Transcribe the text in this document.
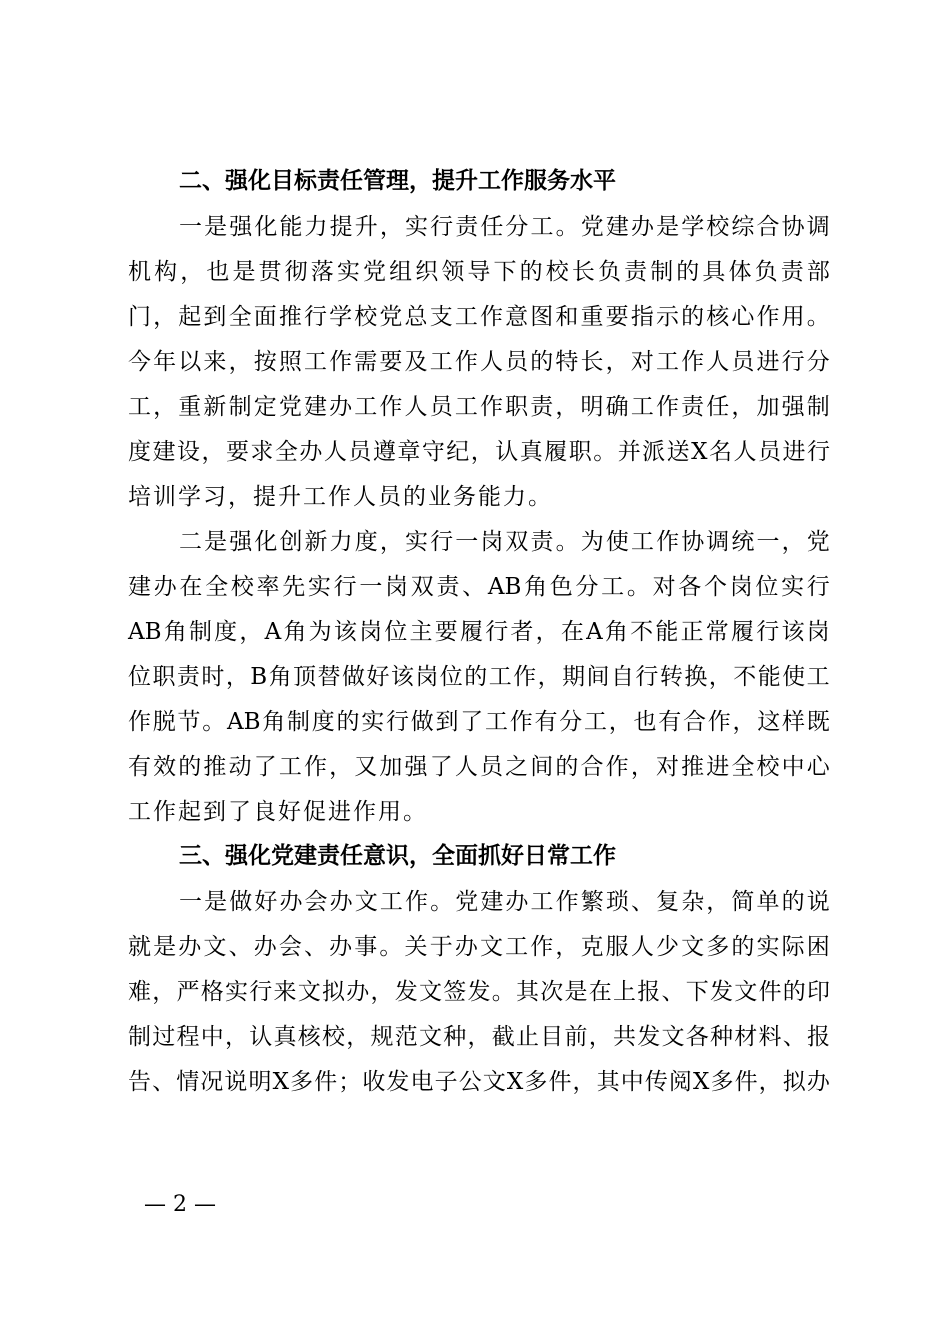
二、强化目标责任管理，提升工作服务水平
一 是 强 化 能 力 提 升 ， 实 行 责 任 分 工 。 党 建 办 是 学 校 综 合 协 调
机 构 ， 也 是 贯 彻 落 实 党 组 织 领 导 下 的 校 长 负 责 制 的 具 体 负 责 部
门 ， 起 到 全 面 推 行 学 校 党 总 支 工 作 意 图 和 重 要 指 示 的 核 心 作 用 。
今 年 以 来 ， 按 照 工 作 需 要 及 工 作 人 员 的 特 长 ， 对 工 作 人 员 进 行 分
工 ， 重 新 制 定 党 建 办 工 作 人 员 工 作 职 责 ， 明 确 工 作 责 任 ， 加 强 制
度 建 设 ， 要 求 全 办 人 员 遵 章 守 纪 ， 认 真 履 职 。 并 派 送 X 名 人 员 进 行
培 训 学 习 ， 提 升 工 作 人 员 的 业 务 能 力 。
二 是 强 化 创 新 力 度 ， 实 行 一 岗 双 责 。 为 使 工 作 协 调 统 一 ， 党
建 办 在 全 校 率 先 实 行 一 岗 双 责 、 AB 角 色 分 工 。 对 各 个 岗 位 实 行
AB 角 制 度 ， A 角 为 该 岗 位 主 要 履 行 者 ， 在 A 角 不 能 正 常 履 行 该 岗
位 职 责 时 ， B 角 顶 替 做 好 该 岗 位 的 工 作 ， 期 间 自 行 转 换 ， 不 能 使 工
作 脱 节 。 AB 角 制 度 的 实 行 做 到 了 工 作 有 分 工 ， 也 有 合 作 ， 这 样 既
有 效 的 推 动 了 工 作 ， 又 加 强 了 人 员 之 间 的 合 作 ， 对 推 进 全 校 中 心
工 作 起 到 了 良 好 促 进 作 用 。
三、强化党建责任意识，全面抓好日常工作
一 是 做 好 办 会 办 文 工 作 。 党 建 办 工 作 繁 琐 、 复 杂 ， 简 单 的 说
就 是 办 文 、 办 会 、 办 事 。 关 于 办 文 工 作 ， 克 服 人 少 文 多 的 实 际 困
难 ， 严 格 实 行 来 文 拟 办 ， 发 文 签 发 。 其 次 是 在 上 报 、 下 发 文 件 的 印
制 过 程 中 ， 认 真 核 校 ， 规 范 文 种 ， 截 止 目 前 ， 共 发 文 各 种 材 料 、 报
告 、 情 况 说 明 X 多 件 ； 收 发 电 子 公 文 X 多 件 ， 其 中 传 阅 X 多 件 ， 拟 办
— 2 —
